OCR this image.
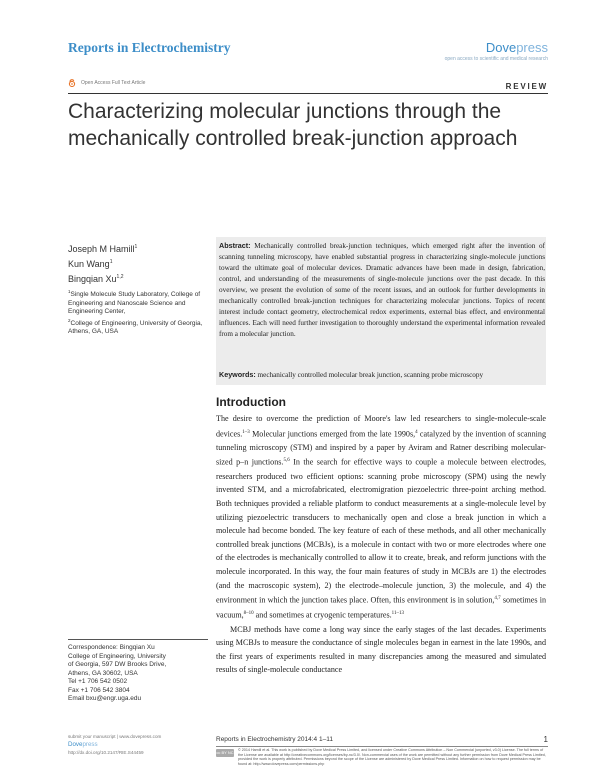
Reports in Electrochemistry	Dovepress
open access to scientific and medical research
Open Access Full Text Article	REVIEW
Characterizing molecular junctions through the
mechanically controlled break-junction approach
Joseph M Hamill$^1$
Kun Wang$^1$
Bingqian Xu$^{1,2}$
$^1$Single Molecule Study Laboratory, College of Engineering and Nanoscale Science and Engineering Center,
$^2$College of Engineering, University of Georgia, Athens, GA, USA
Abstract: Mechanically controlled break-junction techniques, which emerged right after the invention of scanning tunneling microscopy, have enabled substantial progress in characterizing single-molecule junctions toward the ultimate goal of molecular devices. Dramatic advances have been made in design, fabrication, control, and understanding of the measurements of single-molecule junctions over the past decade. In this overview, we present the evolution of some of the recent issues, and an outlook for further developments in mechanically controlled break-junction techniques for characterizing molecular junctions. Topics of recent interest include contact geometry, electrochemical redox experiments, external bias effect, and environmental influences. Each will need further investigation to thoroughly understand the experimental information revealed from a molecular junction.
Keywords: mechanically controlled molecular break junction, scanning probe microscopy
Introduction

The desire to overcome the prediction of Moore's law led researchers to single-molecule-scale devices.$^{1-3}$ Molecular junctions emerged from the late 1990s,$^4$ catalyzed by the invention of scanning tunneling microscopy (STM) and inspired by a paper by Aviram and Ratner describing molecular-sized p–n junctions.$^{5,6}$ In the search for effective ways to couple a molecule between electrodes, researchers produced two efficient options: scanning probe microscopy (SPM) using the newly invented STM, and a microfabricated, electromigration piezoelectric three-point arching method. Both techniques provided a reliable platform to conduct measurements at a single-molecule level by utilizing piezoelectric transducers to mechanically open and close a break junction in which a molecule had become bonded. The key feature of each of these methods, and all other mechanically controlled break junctions (MCBJs), is a molecule in contact with two or more electrodes where one of the electrodes is mechanically controlled to allow it to create, break, and reform junctions with the molecule incorporated. In this way, the four main features of study in MCBJs are 1) the electrodes (and the macroscopic system), 2) the electrode–molecule junction, 3) the molecule, and 4) the environment in which the junction takes place. Often, this environment is in solution,$^{4,7}$ sometimes in vacuum,$^{8-10}$ and sometimes at cryogenic temperatures.$^{11-13}$

MCBJ methods have come a long way since the early stages of the last decades. Experiments using MCBJs to measure the conductance of single molecules began in earnest in the late 1990s, and the first years of experiments resulted in many discrepancies among the measured and simulated results of single-molecule conductance

Correspondence: Bingqian Xu
College of Engineering, University
of Georgia, 597 DW Brooks Drive,
Athens, GA 30602, USA
Tel +1 706 542 0502
Fax +1 706 542 3804
Email bxu@engr.uga.edu
submit your manuscript | www.dovepress.com
Dovepress
http://dx.doi.org/10.2147/RIE.S44459
Reports in Electrochemistry 2014:4 1–11	1
cc BY NC © 2014 Hamill et al. This work is published by Dove Medical Press Limited, and licensed under Creative Commons Attribution – Non Commercial (unported, v3.0) License. The full terms of the License are available at http://creativecommons.org/licenses/by-nc/3.0/. Non-commercial uses of the work are permitted without any further permission from Dove Medical Press Limited, provided the work is properly attributed. Permissions beyond the scope of the License are administered by Dove Medical Press Limited. Information on how to request permission may be found at: http://www.dovepress.com/permissions.php
